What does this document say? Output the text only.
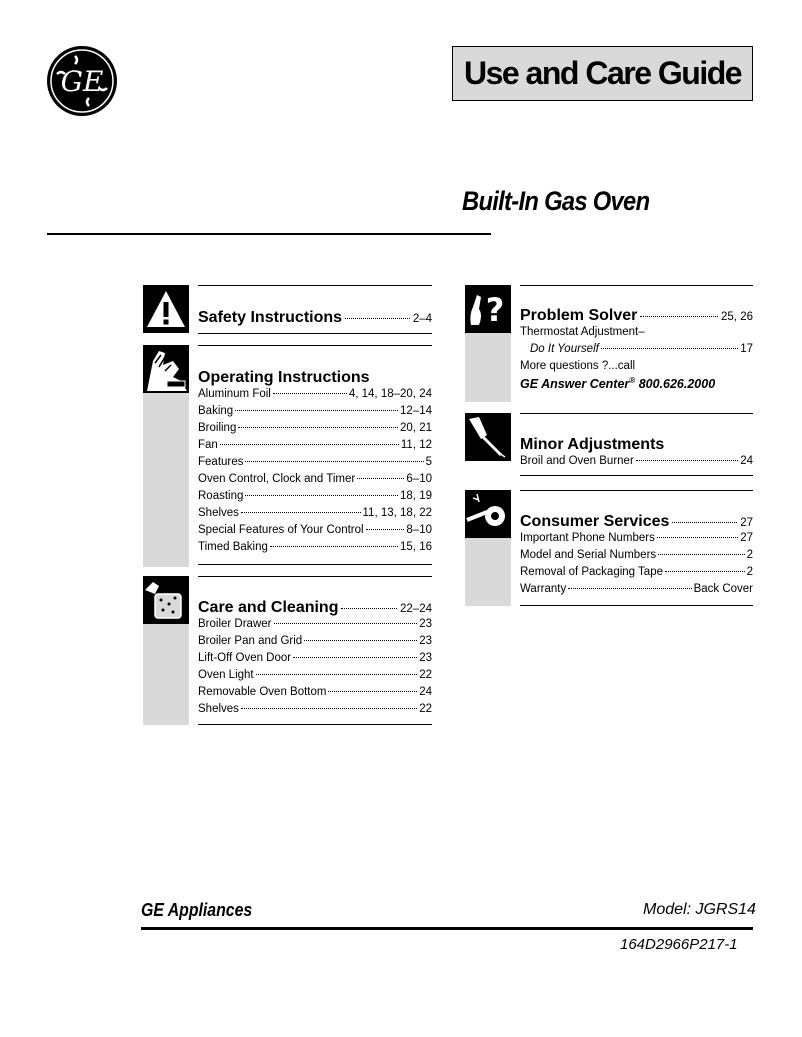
GE	Use and Care Guide
Built-In Gas Oven
Safety Instructions	2–4
Operating Instructions
Aluminum Foil	4, 14, 18–20, 24
Baking	12–14
Broiling	20, 21
Fan	11, 12
Features	5
Oven Control, Clock and Timer	6–10
Roasting	18, 19
Shelves	11, 13, 18, 22
Special Features of Your Control	8–10
Timed Baking	15, 16
Care and Cleaning	22–24
Broiler Drawer	23
Broiler Pan and Grid	23
Lift-Off Oven Door	23
Oven Light	22
Removable Oven Bottom	24
Shelves	22
? Problem Solver	25, 26
Thermostat Adjustment–
Do It Yourself	17
More questions ?...call
GE Answer Center® 800.626.2000
Minor Adjustments
Broil and Oven Burner	24
Consumer Services	27
Important Phone Numbers	27
Model and Serial Numbers	2
Removal of Packaging Tape	2
Warranty	Back Cover
GE Appliances	Model: JGRS14
164D2966P217-1
